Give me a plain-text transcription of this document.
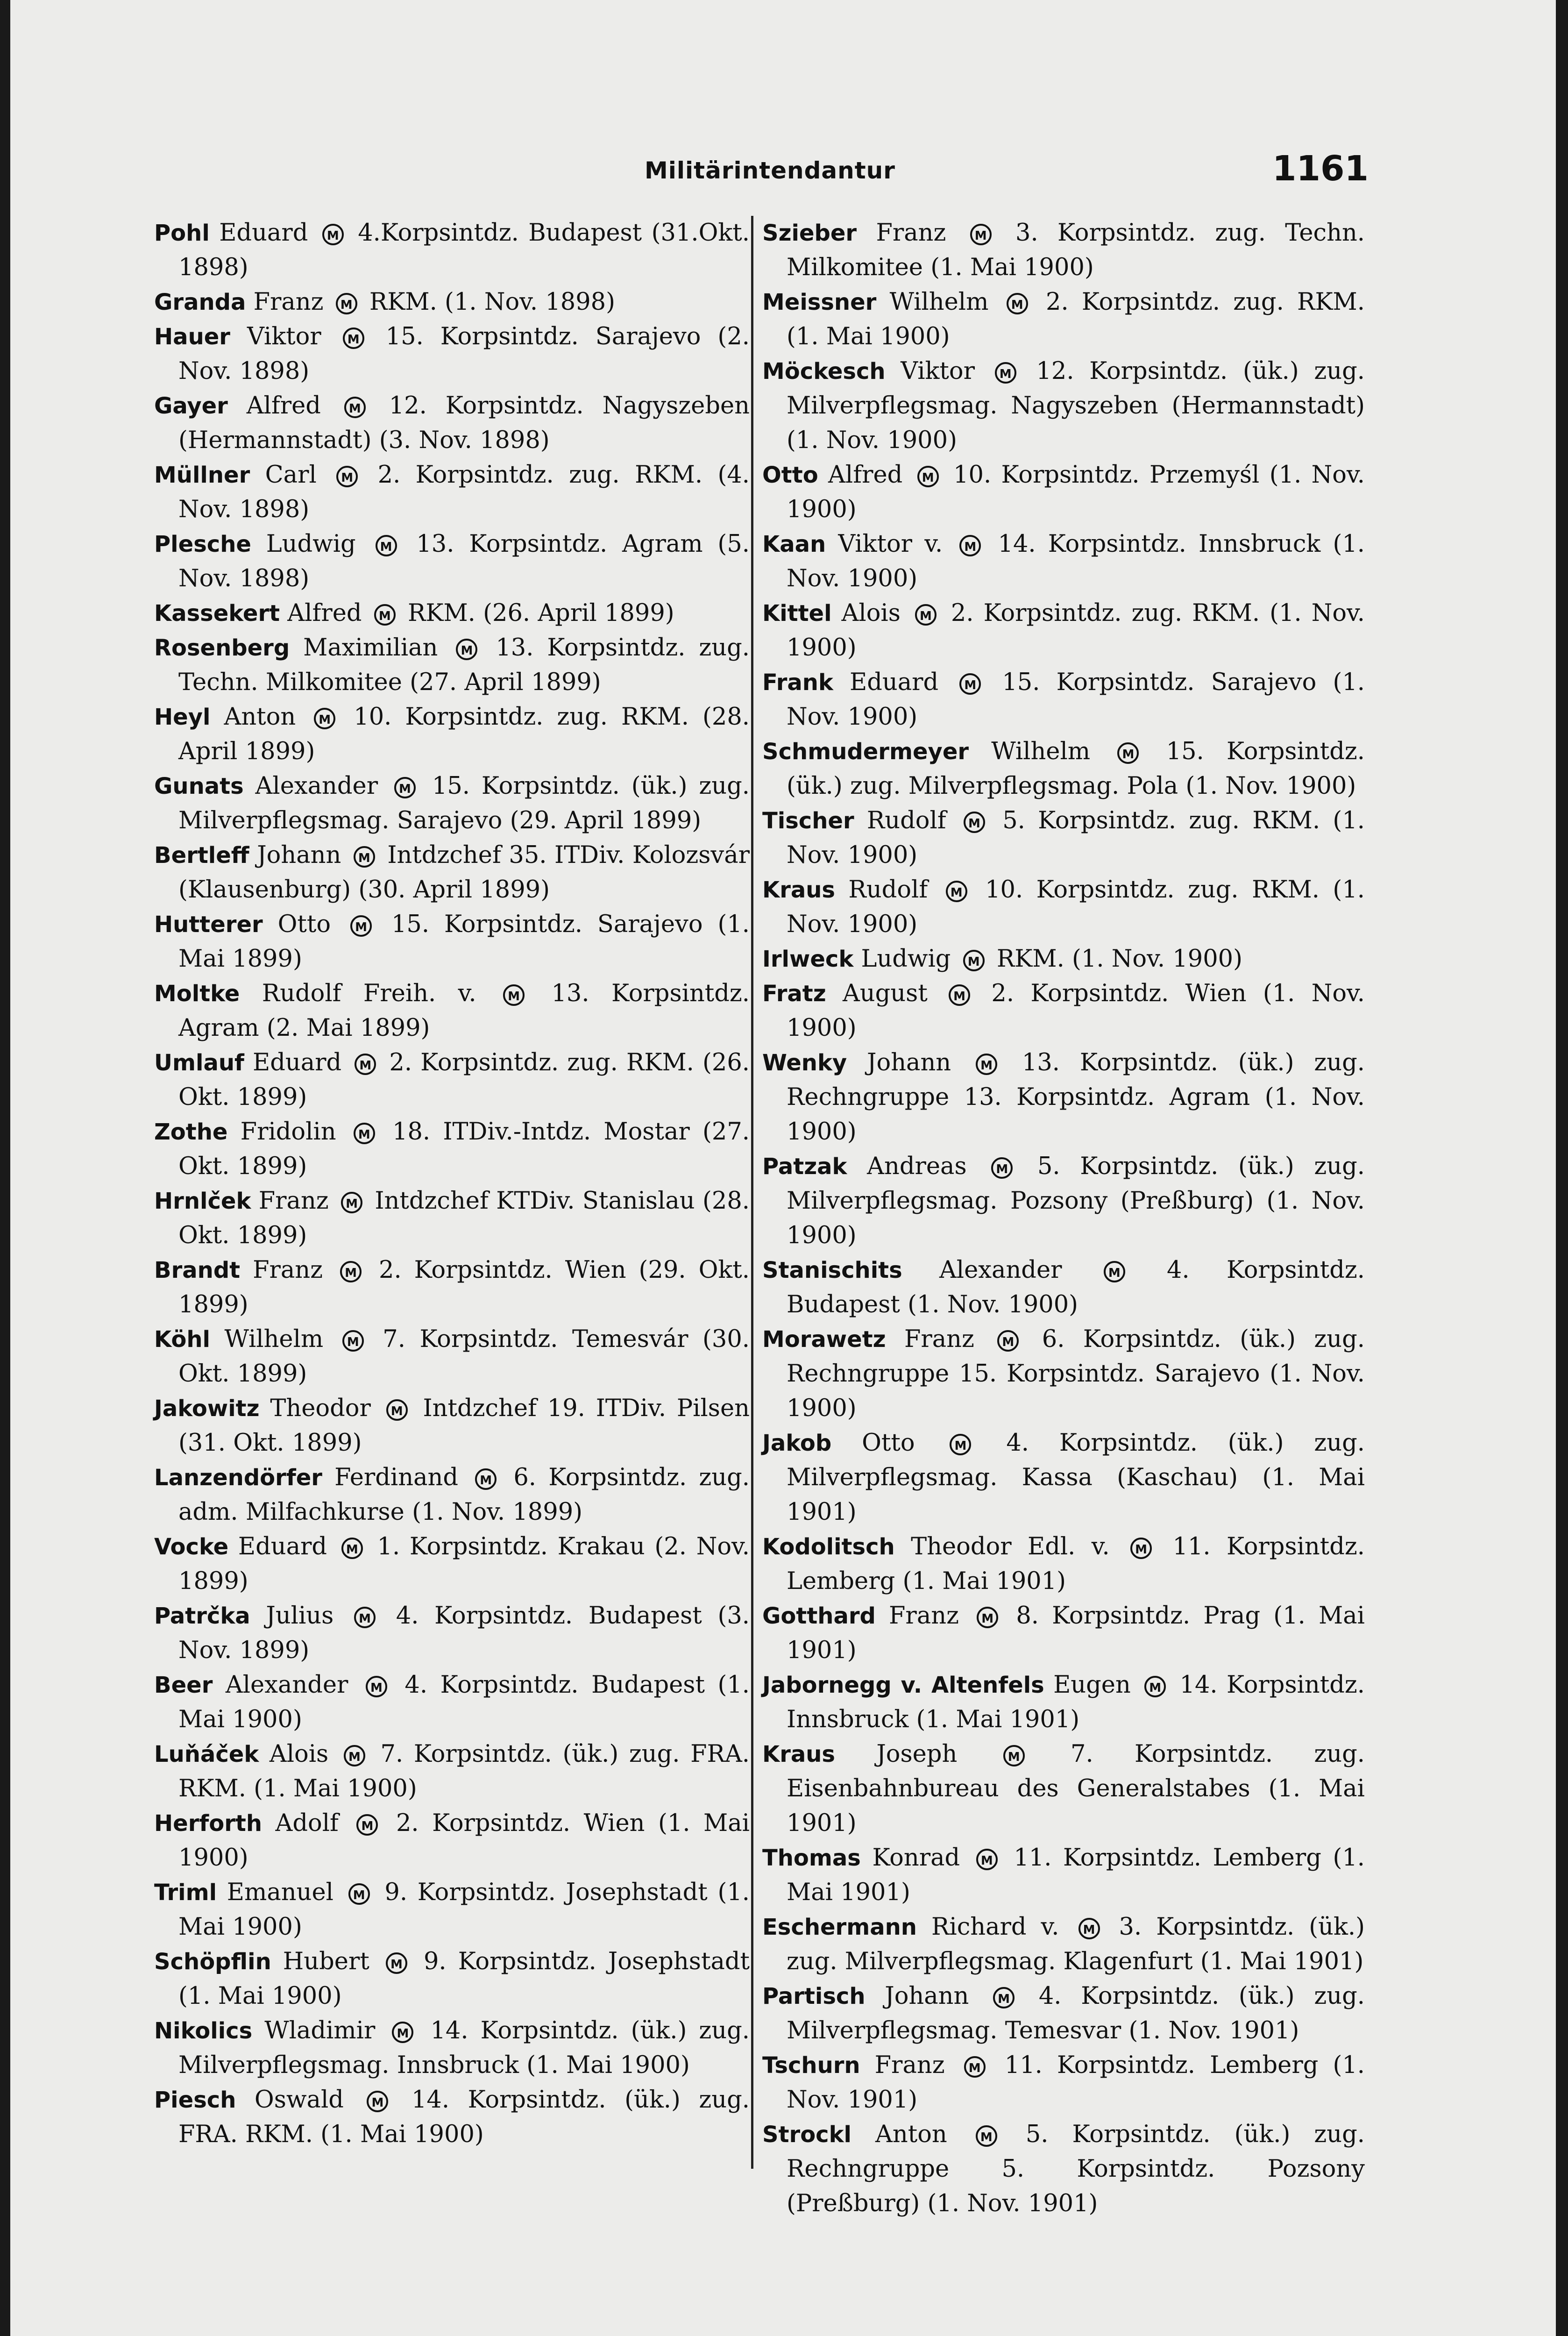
Militärintendantur	1161
Pohl Eduard M 4.Korpsintdz. Budapest (31.Okt. 1898)
Granda Franz M RKM. (1. Nov. 1898)
Hauer Viktor M 15. Korpsintdz. Sarajevo (2. Nov. 1898)
Gayer Alfred M 12. Korpsintdz. Nagyszeben (Hermannstadt) (3. Nov. 1898)
Müllner Carl M 2. Korpsintdz. zug. RKM. (4. Nov. 1898)
Plesche Ludwig M 13. Korpsintdz. Agram (5. Nov. 1898)
Kassekert Alfred M RKM. (26. April 1899)
Rosenberg Maximilian M 13. Korpsintdz. zug. Techn. Milkomitee (27. April 1899)
Heyl Anton M 10. Korpsintdz. zug. RKM. (28. April 1899)
Gunats Alexander M 15. Korpsintdz. (ük.) zug. Milverpflegsmag. Sarajevo (29. April 1899)
Bertleff Johann M Intdzchef 35. ITDiv. Kolozsvár (Klausenburg) (30. April 1899)
Hutterer Otto M 15. Korpsintdz. Sarajevo (1. Mai 1899)
Moltke Rudolf Freih. v. M 13. Korpsintdz. Agram (2. Mai 1899)
Umlauf Eduard M 2. Korpsintdz. zug. RKM. (26. Okt. 1899)
Zothe Fridolin M 18. ITDiv.-Intdz. Mostar (27. Okt. 1899)
Hrnlček Franz M Intdzchef KTDiv. Stanislau (28. Okt. 1899)
Brandt Franz M 2. Korpsintdz. Wien (29. Okt. 1899)
Köhl Wilhelm M 7. Korpsintdz. Temesvár (30. Okt. 1899)
Jakowitz Theodor M Intdzchef 19. ITDiv. Pilsen (31. Okt. 1899)
Lanzendörfer Ferdinand M 6. Korpsintdz. zug. adm. Milfachkurse (1. Nov. 1899)
Vocke Eduard M 1. Korpsintdz. Krakau (2. Nov. 1899)
Patrčka Julius M 4. Korpsintdz. Budapest (3. Nov. 1899)
Beer Alexander M 4. Korpsintdz. Budapest (1. Mai 1900)
Luňáček Alois M 7. Korpsintdz. (ük.) zug. FRA. RKM. (1. Mai 1900)
Herforth Adolf M 2. Korpsintdz. Wien (1. Mai 1900)
Triml Emanuel M 9. Korpsintdz. Josephstadt (1. Mai 1900)
Schöpflin Hubert M 9. Korpsintdz. Josephstadt (1. Mai 1900)
Nikolics Wladimir M 14. Korpsintdz. (ük.) zug. Milverpflegsmag. Innsbruck (1. Mai 1900)
Piesch Oswald M 14. Korpsintdz. (ük.) zug. FRA. RKM. (1. Mai 1900)
Szieber Franz M 3. Korpsintdz. zug. Techn. Milkomitee (1. Mai 1900)
Meissner Wilhelm M 2. Korpsintdz. zug. RKM. (1. Mai 1900)
Möckesch Viktor M 12. Korpsintdz. (ük.) zug. Milverpflegsmag. Nagyszeben (Hermannstadt) (1. Nov. 1900)
Otto Alfred M 10. Korpsintdz. Przemyśl (1. Nov. 1900)
Kaan Viktor v. M 14. Korpsintdz. Innsbruck (1. Nov. 1900)
Kittel Alois M 2. Korpsintdz. zug. RKM. (1. Nov. 1900)
Frank Eduard M 15. Korpsintdz. Sarajevo (1. Nov. 1900)
Schmudermeyer Wilhelm M 15. Korpsintdz. (ük.) zug. Milverpflegsmag. Pola (1. Nov. 1900)
Tischer Rudolf M 5. Korpsintdz. zug. RKM. (1. Nov. 1900)
Kraus Rudolf M 10. Korpsintdz. zug. RKM. (1. Nov. 1900)
Irlweck Ludwig M RKM. (1. Nov. 1900)
Fratz August M 2. Korpsintdz. Wien (1. Nov. 1900)
Wenky Johann M 13. Korpsintdz. (ük.) zug. Rechngruppe 13. Korpsintdz. Agram (1. Nov. 1900)
Patzak Andreas M 5. Korpsintdz. (ük.) zug. Milverpflegsmag. Pozsony (Preßburg) (1. Nov. 1900)
Stanischits Alexander M 4. Korpsintdz. Budapest (1. Nov. 1900)
Morawetz Franz M 6. Korpsintdz. (ük.) zug. Rechngruppe 15. Korpsintdz. Sarajevo (1. Nov. 1900)
Jakob Otto M 4. Korpsintdz. (ük.) zug. Milverpflegsmag. Kassa (Kaschau) (1. Mai 1901)
Kodolitsch Theodor Edl. v. M 11. Korpsintdz. Lemberg (1. Mai 1901)
Gotthard Franz M 8. Korpsintdz. Prag (1. Mai 1901)
Jabornegg v. Altenfels Eugen M 14. Korpsintdz. Innsbruck (1. Mai 1901)
Kraus Joseph M 7. Korpsintdz. zug. Eisenbahnbureau des Generalstabes (1. Mai 1901)
Thomas Konrad M 11. Korpsintdz. Lemberg (1. Mai 1901)
Eschermann Richard v. M 3. Korpsintdz. (ük.) zug. Milverpflegsmag. Klagenfurt (1. Mai 1901)
Partisch Johann M 4. Korpsintdz. (ük.) zug. Milverpflegsmag. Temesvar (1. Nov. 1901)
Tschurn Franz M 11. Korpsintdz. Lemberg (1. Nov. 1901)
Strockl Anton M 5. Korpsintdz. (ük.) zug. Rechngruppe 5. Korpsintdz. Pozsony (Preßburg) (1. Nov. 1901)
